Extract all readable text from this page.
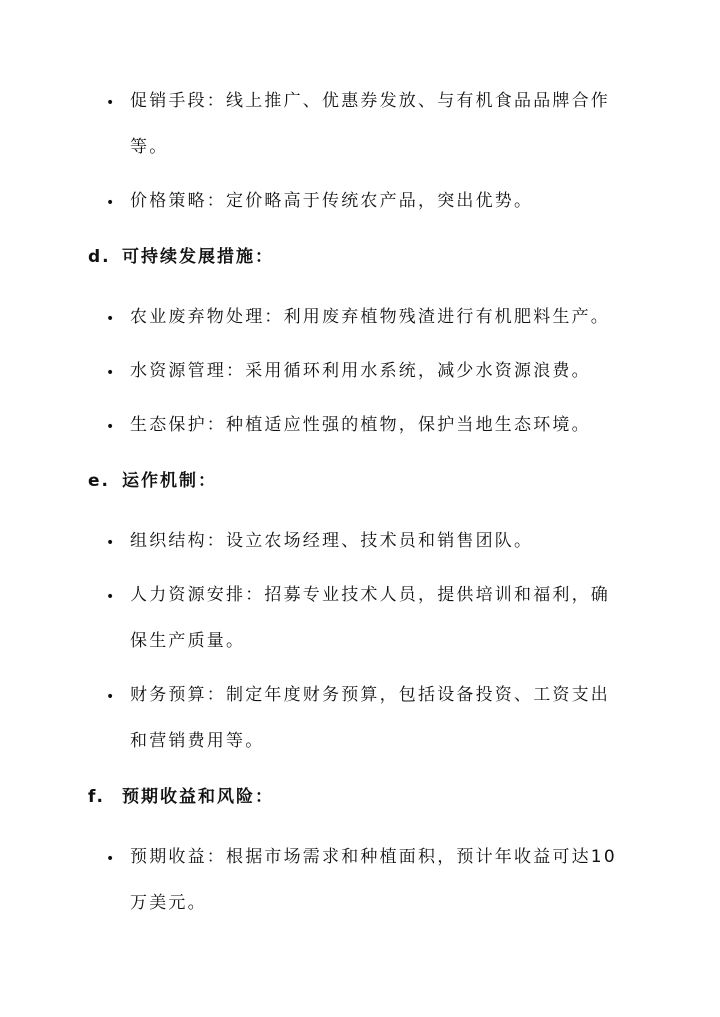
• 促销手段：线上推广、优惠券发放、与有机食品品牌合作等。
• 价格策略：定价略高于传统农产品，突出优势。
d. 可持续发展措施：
• 农业废弃物处理：利用废弃植物残渣进行有机肥料生产。
• 水资源管理：采用循环利用水系统，减少水资源浪费。
• 生态保护：种植适应性强的植物，保护当地生态环境。
e. 运作机制：
• 组织结构：设立农场经理、技术员和销售团队。
• 人力资源安排：招募专业技术人员，提供培训和福利，确保生产质量。
• 财务预算：制定年度财务预算，包括设备投资、工资支出和营销费用等。
f. 预期收益和风险：
• 预期收益：根据市场需求和种植面积，预计年收益可达10万美元。
